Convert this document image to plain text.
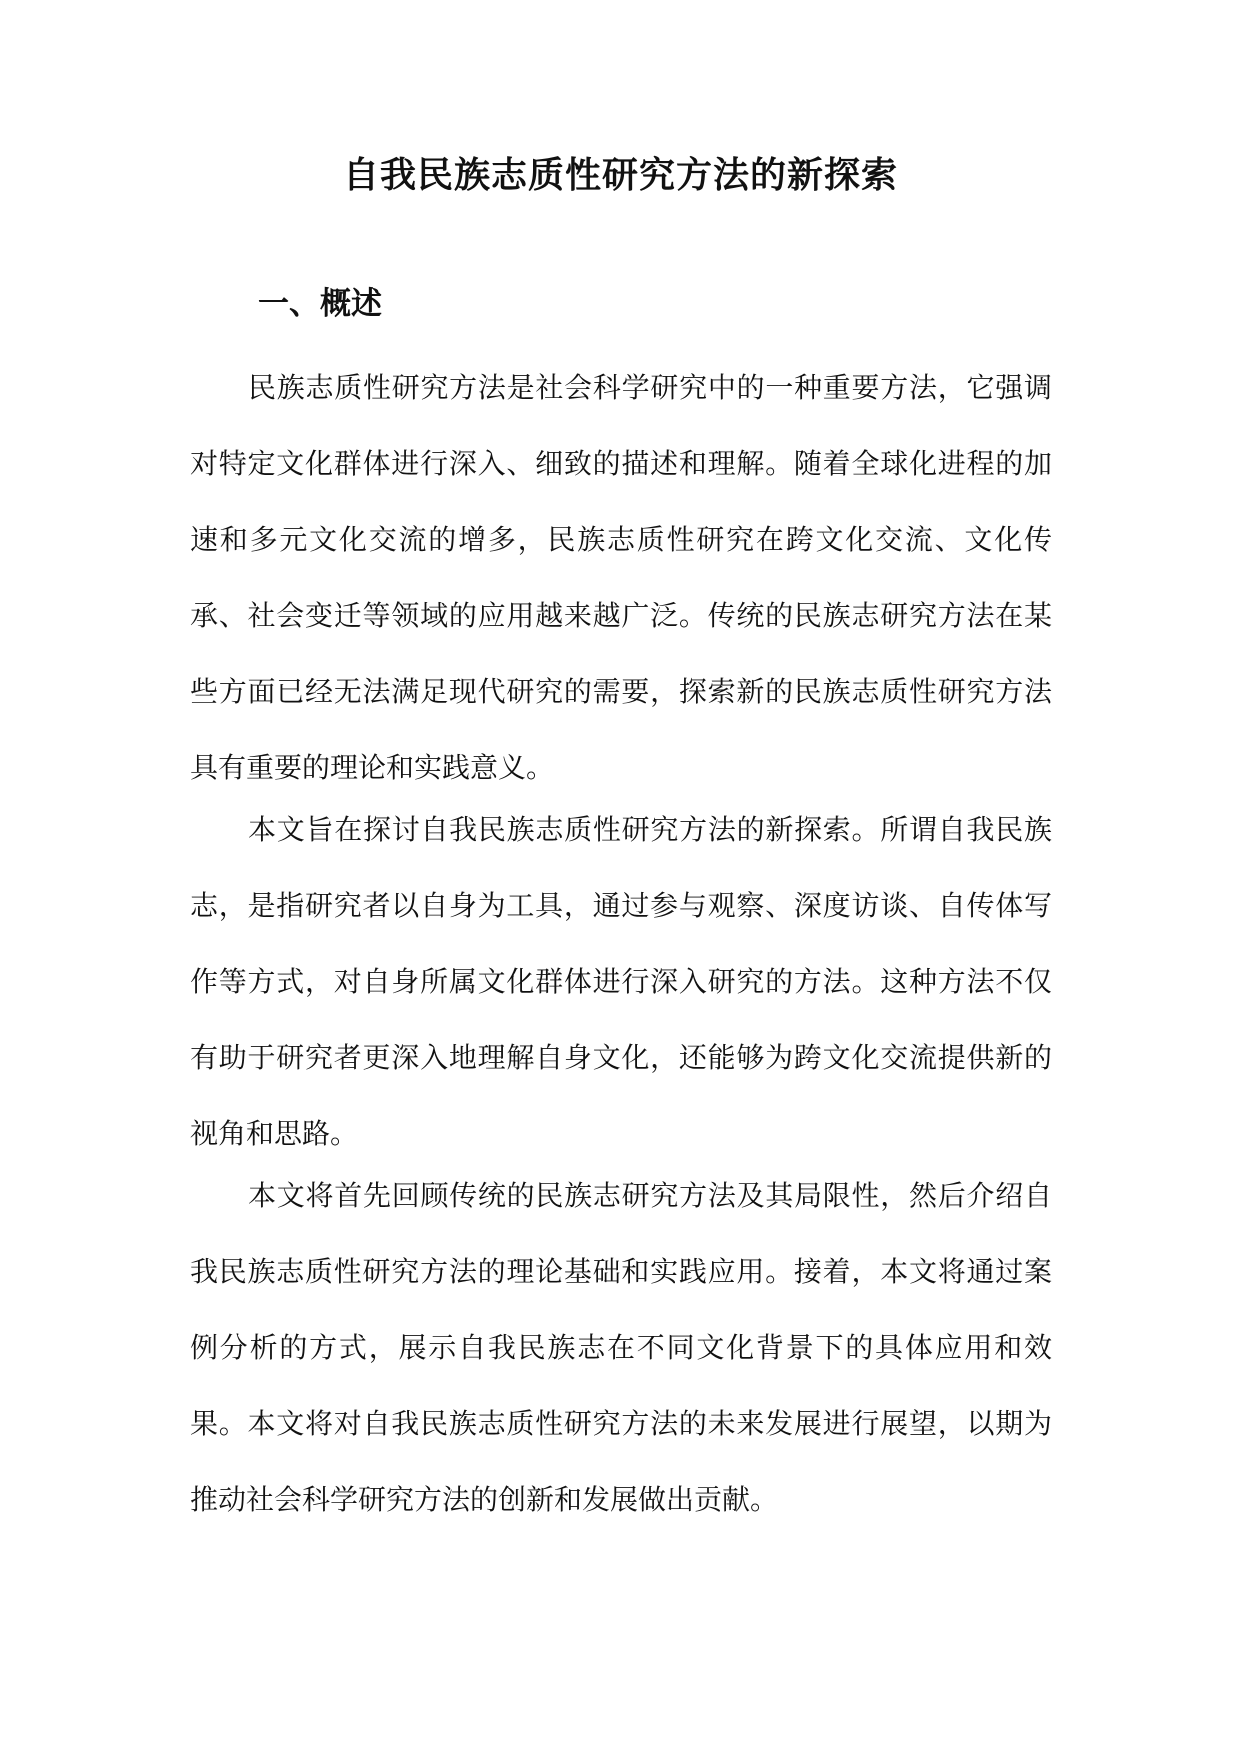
自我民族志质性研究方法的新探索
一、概述

民族志质性研究方法是社会科学研究中的一种重要方法，它强调对特定文化群体进行深入、细致的描述和理解。随着全球化进程的加速和多元文化交流的增多，民族志质性研究在跨文化交流、文化传承、社会变迁等领域的应用越来越广泛。传统的民族志研究方法在某些方面已经无法满足现代研究的需要，探索新的民族志质性研究方法具有重要的理论和实践意义。

本文旨在探讨自我民族志质性研究方法的新探索。所谓自我民族志，是指研究者以自身为工具，通过参与观察、深度访谈、自传体写作等方式，对自身所属文化群体进行深入研究的方法。这种方法不仅有助于研究者更深入地理解自身文化，还能够为跨文化交流提供新的视角和思路。

本文将首先回顾传统的民族志研究方法及其局限性，然后介绍自我民族志质性研究方法的理论基础和实践应用。接着，本文将通过案例分析的方式，展示自我民族志在不同文化背景下的具体应用和效果。本文将对自我民族志质性研究方法的未来发展进行展望，以期为推动社会科学研究方法的创新和发展做出贡献。
